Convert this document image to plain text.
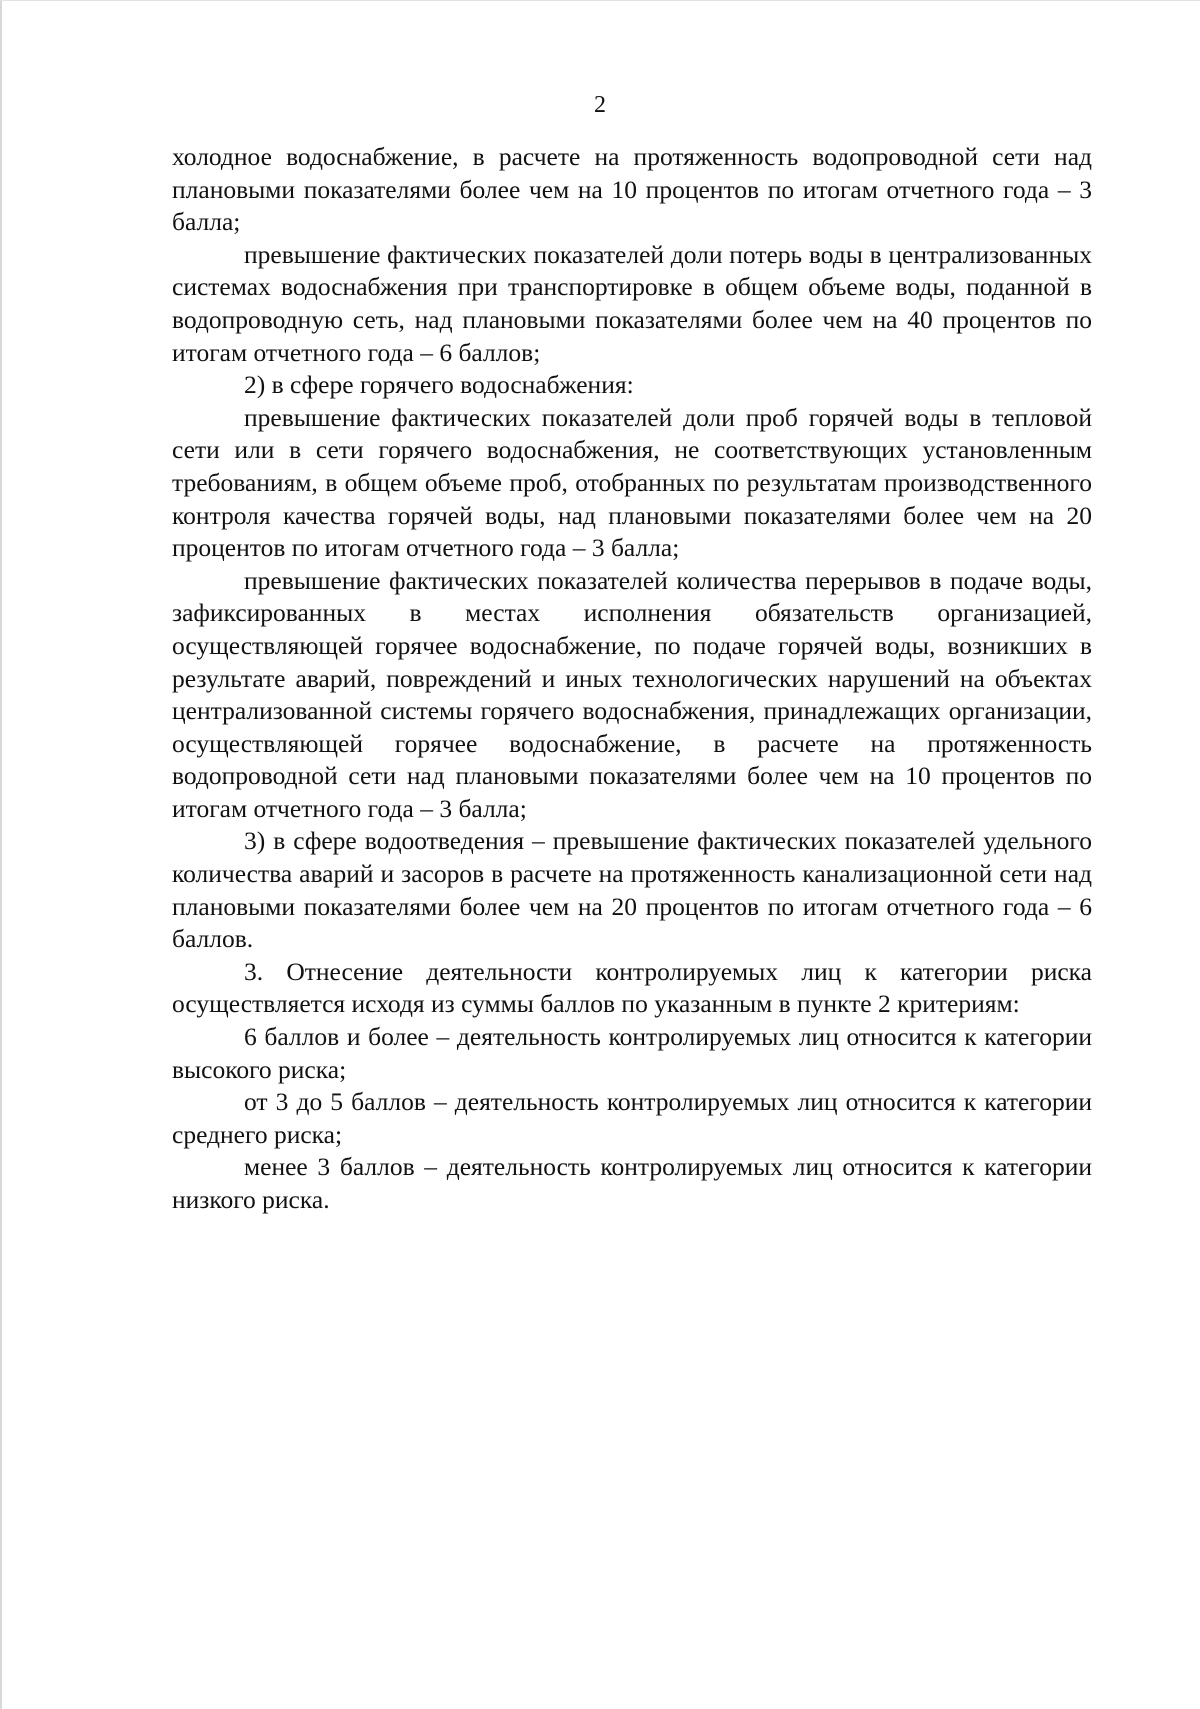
2

холодное водоснабжение, в расчете на протяженность водопроводной сети над плановыми показателями более чем на 10 процентов по итогам отчетного года – 3 балла;

превышение фактических показателей доли потерь воды в централизованных системах водоснабжения при транспортировке в общем объеме воды, поданной в водопроводную сеть, над плановыми показателями более чем на 40 процентов по итогам отчетного года – 6 баллов;

2) в сфере горячего водоснабжения:

превышение фактических показателей доли проб горячей воды в тепловой сети или в сети горячего водоснабжения, не соответствующих установленным требованиям, в общем объеме проб, отобранных по результатам производственного контроля качества горячей воды, над плановыми показателями более чем на 20 процентов по итогам отчетного года – 3 балла;

превышение фактических показателей количества перерывов в подаче воды, зафиксированных в местах исполнения обязательств организацией, осуществляющей горячее водоснабжение, по подаче горячей воды, возникших в результате аварий, повреждений и иных технологических нарушений на объектах централизованной системы горячего водоснабжения, принадлежащих организации, осуществляющей горячее водоснабжение, в расчете на протяженность водопроводной сети над плановыми показателями более чем на 10 процентов по итогам отчетного года – 3 балла;

3) в сфере водоотведения – превышение фактических показателей удельного количества аварий и засоров в расчете на протяженность канализационной сети над плановыми показателями более чем на 20 процентов по итогам отчетного года – 6 баллов.

3. Отнесение деятельности контролируемых лиц к категории риска осуществляется исходя из суммы баллов по указанным в пункте 2 критериям:

6 баллов и более – деятельность контролируемых лиц относится к категории высокого риска;

от 3 до 5 баллов – деятельность контролируемых лиц относится к категории среднего риска;

менее 3 баллов – деятельность контролируемых лиц относится к категории низкого риска.
